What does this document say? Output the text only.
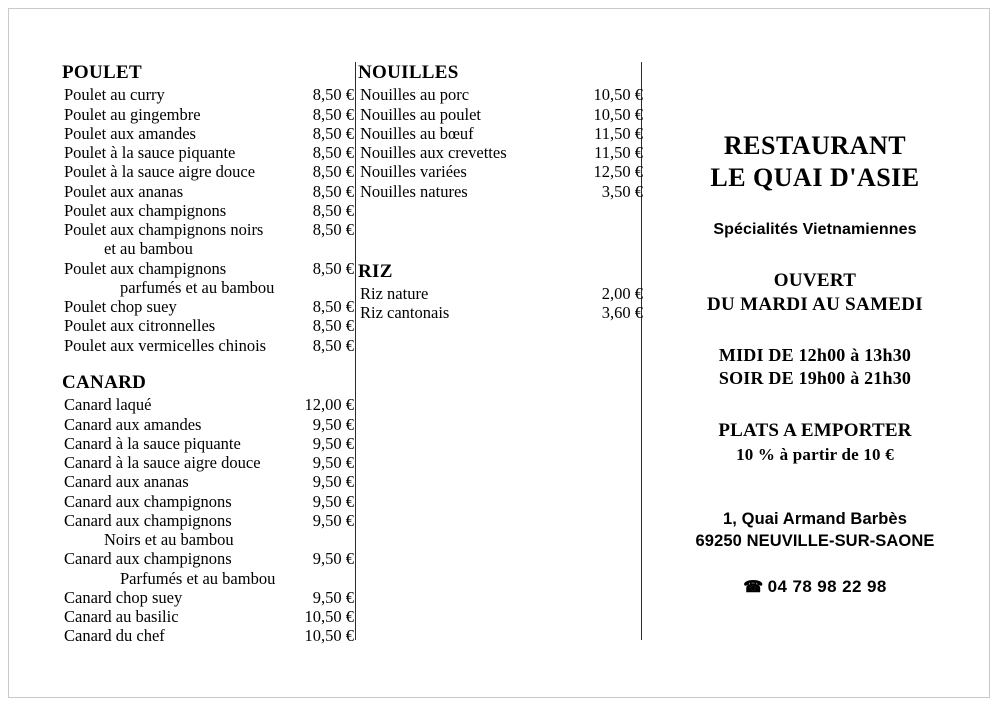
POULET
Poulet au curry	8,50 €
Poulet au gingembre	8,50 €
Poulet aux amandes	8,50 €
Poulet à la sauce piquante	8,50 €
Poulet à la sauce aigre douce	8,50 €
Poulet aux ananas	8,50 €
Poulet aux champignons	8,50 €
Poulet aux champignons noirs	8,50 €
et au bambou
Poulet aux champignons	8,50 €
parfumés et au bambou
Poulet chop suey	8,50 €
Poulet aux citronnelles	8,50 €
Poulet aux vermicelles chinois	8,50 €
CANARD
Canard laqué	12,00 €
Canard aux amandes	9,50 €
Canard à la sauce piquante	9,50 €
Canard à la sauce aigre douce	9,50 €
Canard aux ananas	9,50 €
Canard aux champignons	9,50 €
Canard aux champignons	9,50 €
Noirs et au bambou
Canard aux champignons	9,50 €
Parfumés et au bambou
Canard chop suey	9,50 €
Canard au basilic	10,50 €
Canard du chef	10,50 €
NOUILLES
Nouilles au porc	10,50 €
Nouilles au poulet	10,50 €
Nouilles au bœuf	11,50 €
Nouilles aux crevettes	11,50 €
Nouilles variées	12,50 €
Nouilles natures	3,50 €
RIZ
Riz nature	2,00 €
Riz cantonais	3,60 €
RESTAURANT
LE QUAI D'ASIE
Spécialités Vietnamiennes
OUVERT
DU MARDI AU SAMEDI
MIDI DE 12h00 à 13h30
SOIR DE 19h00 à 21h30
PLATS A EMPORTER
10 % à partir de 10 €
1, Quai Armand Barbès
69250 NEUVILLE-SUR-SAONE
☎ 04 78 98 22 98
